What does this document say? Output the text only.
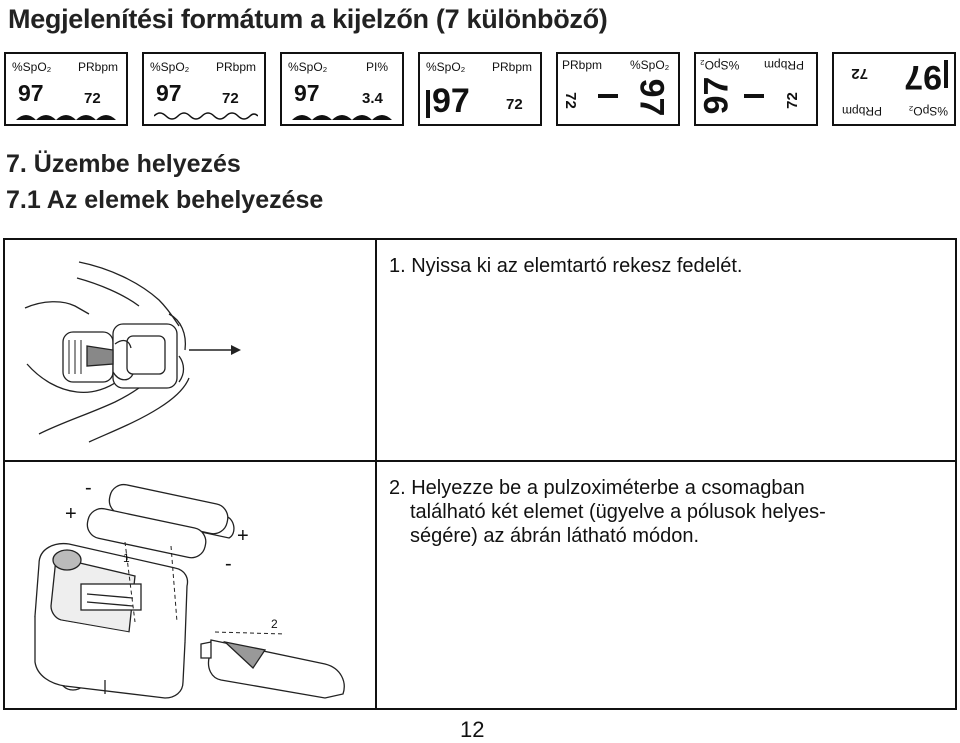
Megjelenítési formátum a kijelzőn (7 különböző)
%SpO₂ PRbpm
97	72
%SpO₂ PRbpm
97	72
%SpO₂	PI%
97	3.4
%SpO₂ PRbpm
97 72
PRbpm %SpO₂
72 97
%SpO₂ PRbpm
97	72
%SpO₂
PRbpm
97
72
7. Üzembe helyezés
7.1 Az elemek behelyezése
1. Nyissa ki az elemtartó rekesz fedelét.
-
+
+
-
1
2
2. Helyezze be a pulzoximéterbe a csomagban
található két elemet (ügyelve a pólusok helyes-
ségére) az ábrán látható módon.
12
